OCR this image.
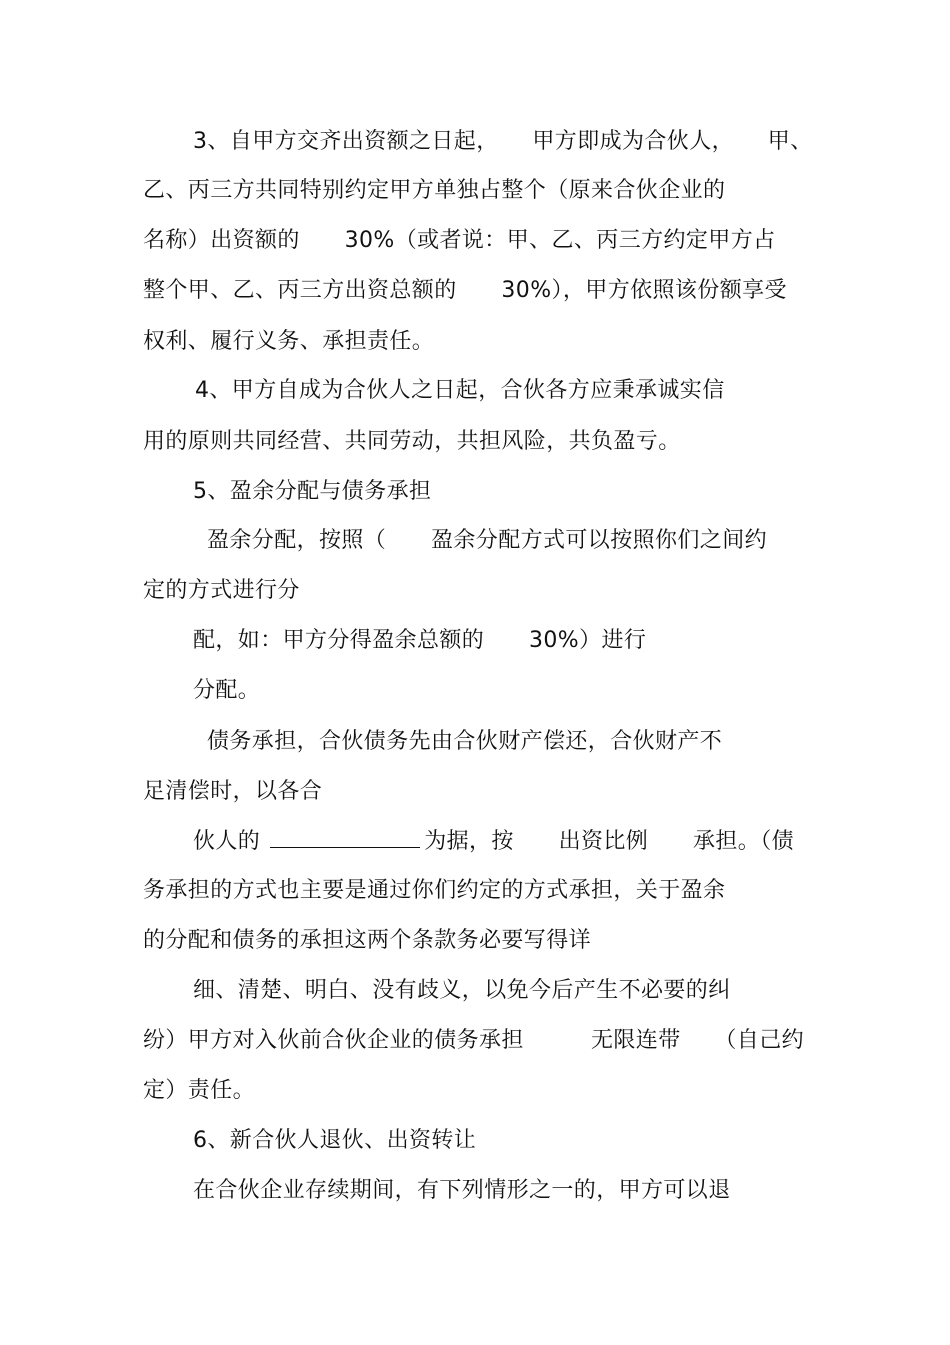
3、自甲方交齐出资额之日起，　　甲方即成为合伙人，　　甲、
乙、丙三方共同特别约定甲方单独占整个（原来合伙企业的
名称）出资额的　　30%（或者说：甲、乙、丙三方约定甲方占
整个甲、乙、丙三方出资总额的　　30%），甲方依照该份额享受
权利、履行义务、承担责任。
4、甲方自成为合伙人之日起，合伙各方应秉承诚实信
用的原则共同经营、共同劳动，共担风险，共负盈亏。
5、盈余分配与债务承担
盈余分配，按照（　　盈余分配方式可以按照你们之间约
定的方式进行分
配，如：甲方分得盈余总额的　　30%）进行
分配。
债务承担，合伙债务先由合伙财产偿还，合伙财产不
足清偿时，以各合
伙人的	为据，按　　出资比例　　承担。（债
务承担的方式也主要是通过你们约定的方式承担，关于盈余
的分配和债务的承担这两个条款务必要写得详
细、清楚、明白、没有歧义，以免今后产生不必要的纠
纷）甲方对入伙前合伙企业的债务承担　　　无限连带　　（自己约
定）责任。
6、新合伙人退伙、出资转让
在合伙企业存续期间，有下列情形之一的，甲方可以退
